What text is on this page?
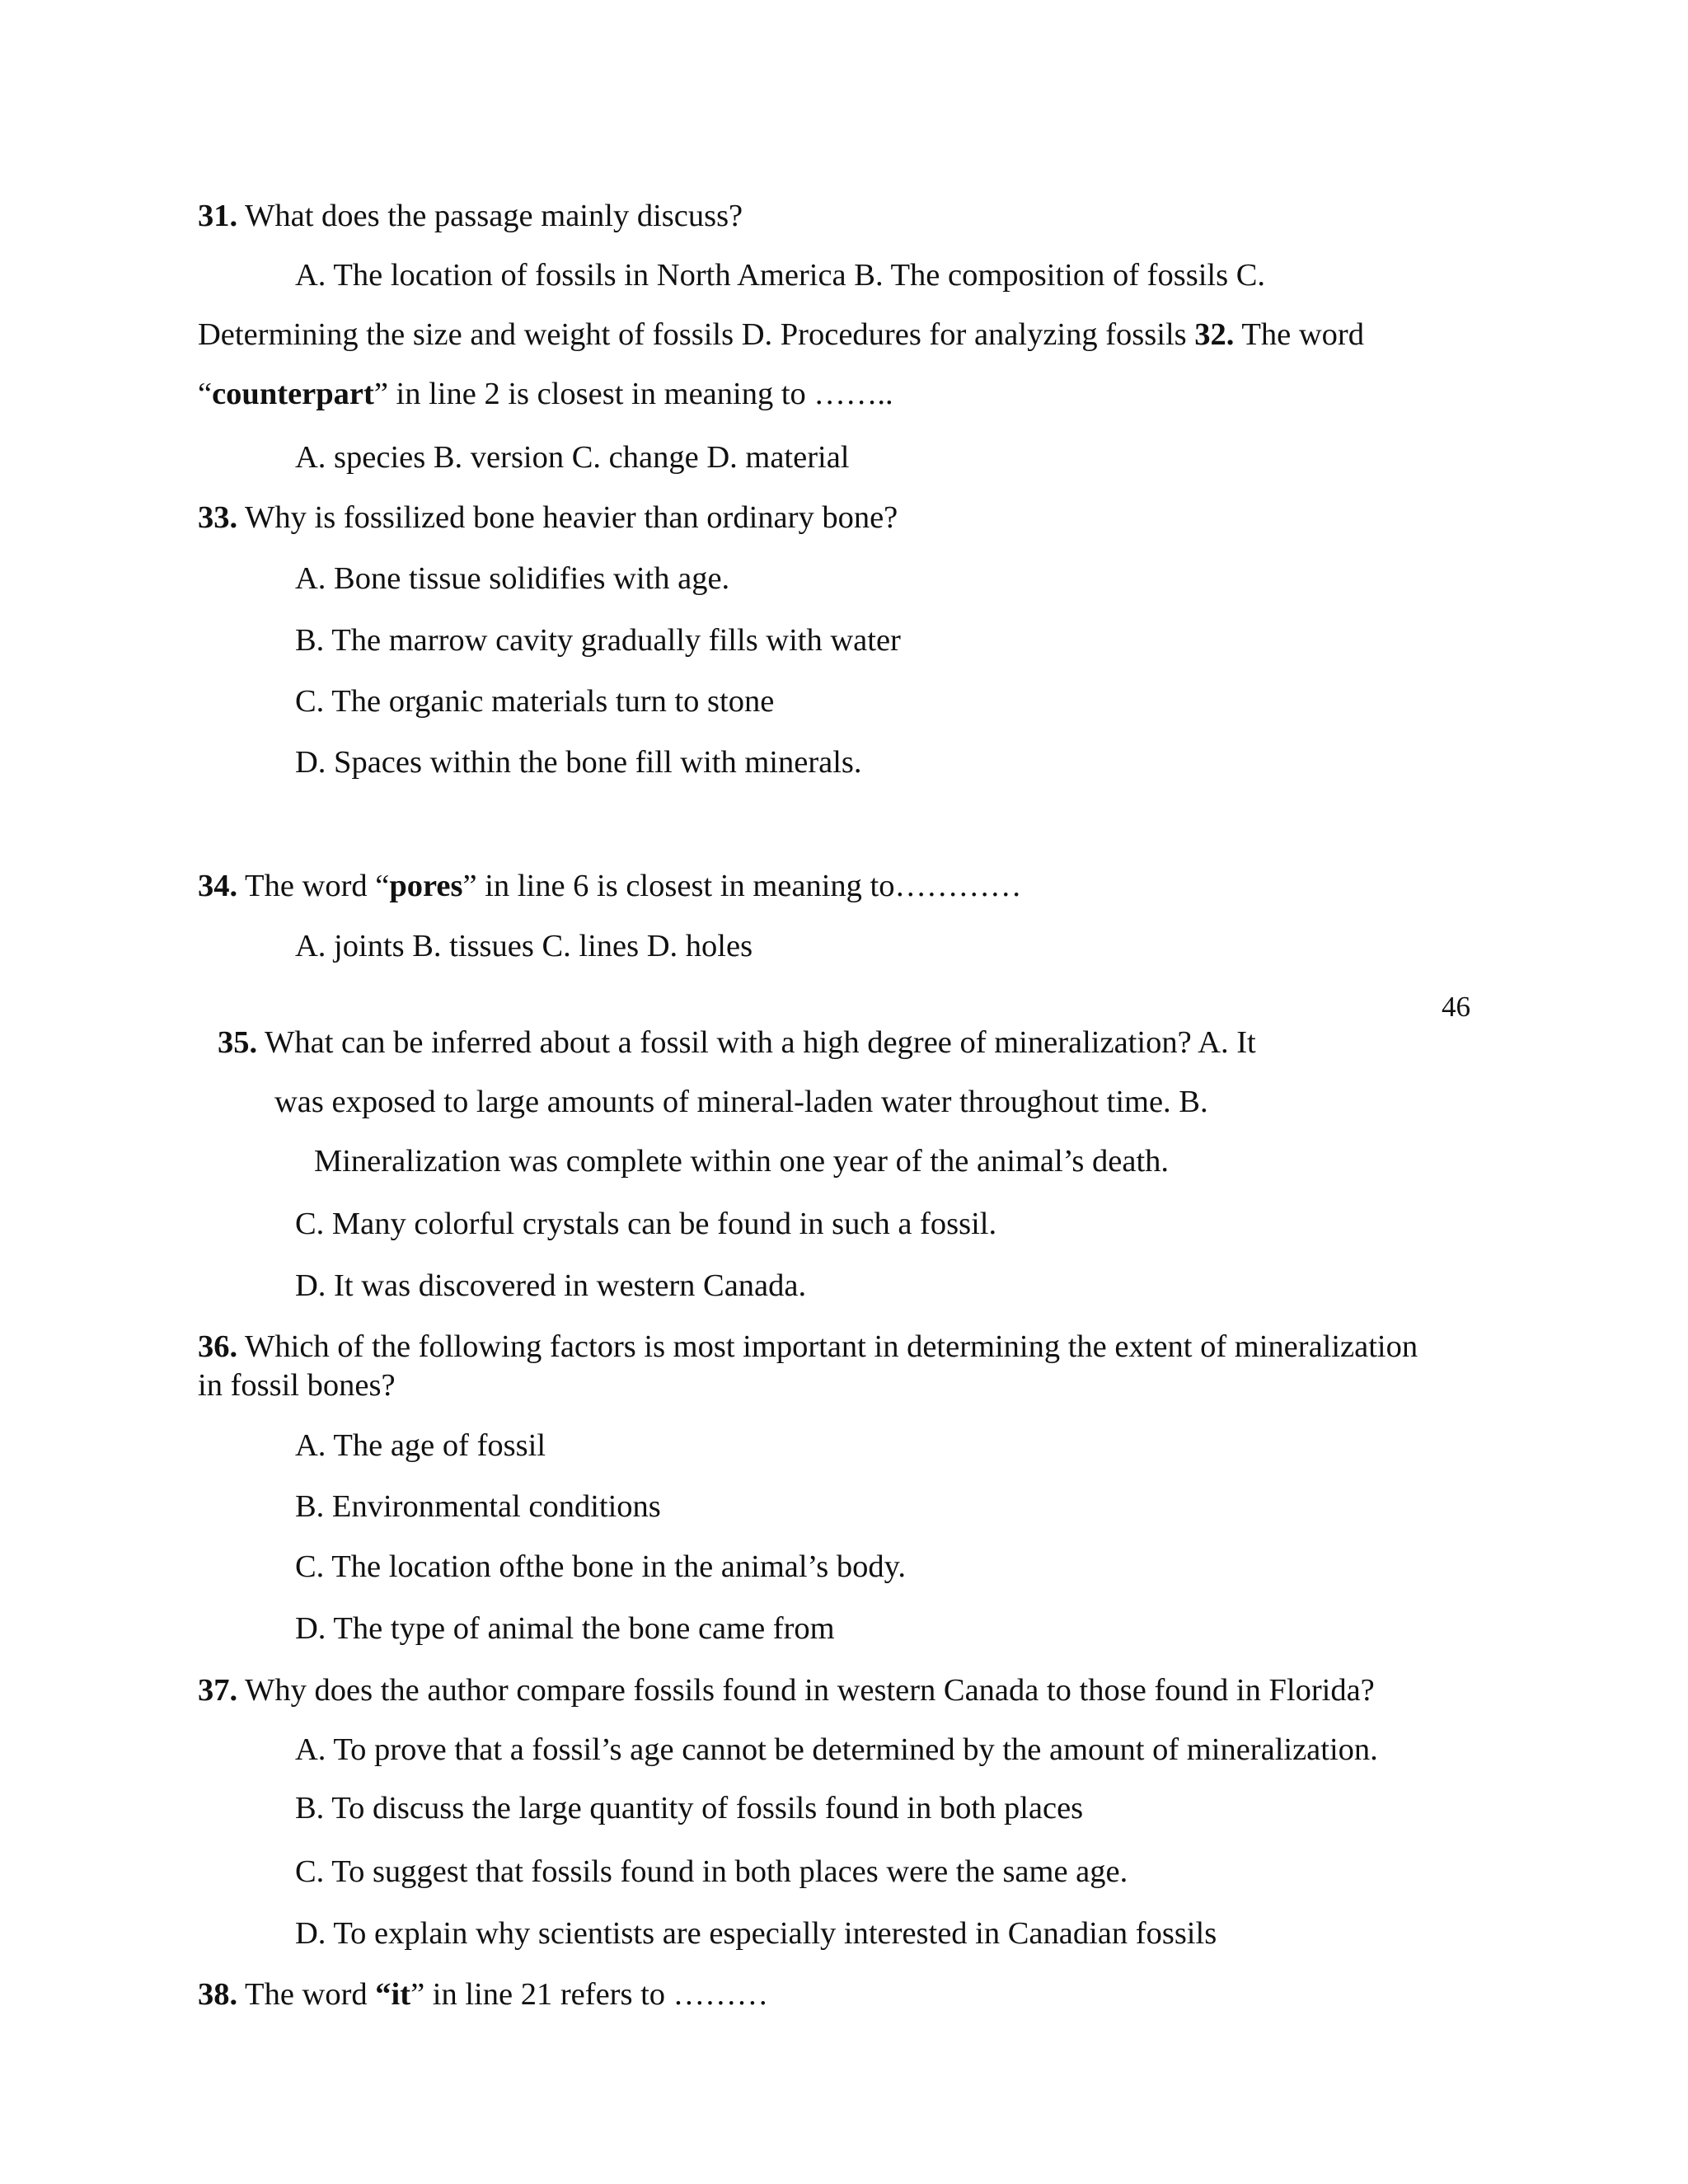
31. What does the passage mainly discuss?
A. The location of fossils in North America B. The composition of fossils C.
Determining the size and weight of fossils D. Procedures for analyzing fossils 32. The word
“counterpart” in line 2 is closest in meaning to ……..
A. species B. version C. change D. material
33. Why is fossilized bone heavier than ordinary bone?
A. Bone tissue solidifies with age.
B. The marrow cavity gradually fills with water
C. The organic materials turn to stone
D. Spaces within the bone fill with minerals.
34. The word “pores” in line 6 is closest in meaning to…………
A. joints B. tissues C. lines D. holes
46
35. What can be inferred about a fossil with a high degree of mineralization? A. It
was exposed to large amounts of mineral-laden water throughout time. B.
Mineralization was complete within one year of the animal’s death.
C. Many colorful crystals can be found in such a fossil.
D. It was discovered in western Canada.
36. Which of the following factors is most important in determining the extent of mineralization
in fossil bones?
A. The age of fossil
B. Environmental conditions
C. The location ofthe bone in the animal’s body.
D. The type of animal the bone came from
37. Why does the author compare fossils found in western Canada to those found in Florida?
A. To prove that a fossil’s age cannot be determined by the amount of mineralization.
B. To discuss the large quantity of fossils found in both places
C. To suggest that fossils found in both places were the same age.
D. To explain why scientists are especially interested in Canadian fossils
38. The word “it” in line 21 refers to ………
